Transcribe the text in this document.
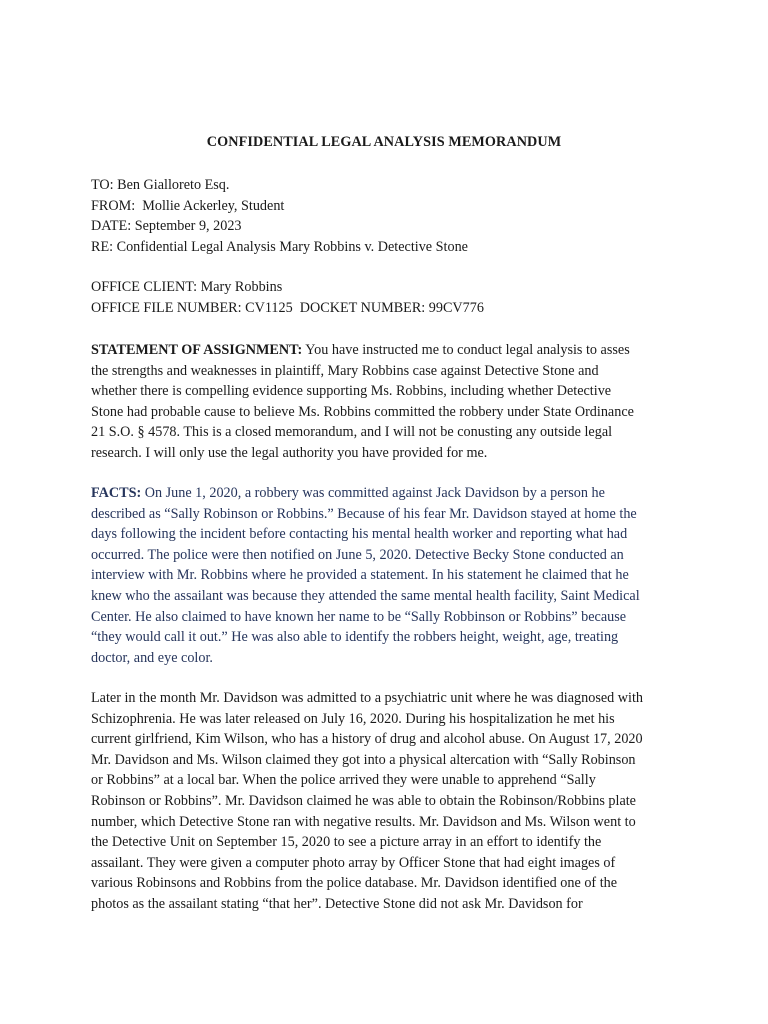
CONFIDENTIAL LEGAL ANALYSIS MEMORANDUM
TO: Ben Gialloreto Esq.
FROM:  Mollie Ackerley, Student
DATE: September 9, 2023
RE: Confidential Legal Analysis Mary Robbins v. Detective Stone
OFFICE CLIENT: Mary Robbins
OFFICE FILE NUMBER: CV1125  DOCKET NUMBER: 99CV776
STATEMENT OF ASSIGNMENT: You have instructed me to conduct legal analysis to asses
the strengths and weaknesses in plaintiff, Mary Robbins case against Detective Stone and
whether there is compelling evidence supporting Ms. Robbins, including whether Detective
Stone had probable cause to believe Ms. Robbins committed the robbery under State Ordinance
21 S.O. § 4578. This is a closed memorandum, and I will not be conusting any outside legal
research. I will only use the legal authority you have provided for me.
FACTS: On June 1, 2020, a robbery was committed against Jack Davidson by a person he
described as “Sally Robinson or Robbins.” Because of his fear Mr. Davidson stayed at home the
days following the incident before contacting his mental health worker and reporting what had
occurred. The police were then notified on June 5, 2020. Detective Becky Stone conducted an
interview with Mr. Robbins where he provided a statement. In his statement he claimed that he
knew who the assailant was because they attended the same mental health facility, Saint Medical
Center. He also claimed to have known her name to be “Sally Robbinson or Robbins” because
“they would call it out.” He was also able to identify the robbers height, weight, age, treating
doctor, and eye color.
Later in the month Mr. Davidson was admitted to a psychiatric unit where he was diagnosed with
Schizophrenia. He was later released on July 16, 2020. During his hospitalization he met his
current girlfriend, Kim Wilson, who has a history of drug and alcohol abuse. On August 17, 2020
Mr. Davidson and Ms. Wilson claimed they got into a physical altercation with “Sally Robinson
or Robbins” at a local bar. When the police arrived they were unable to apprehend “Sally
Robinson or Robbins”. Mr. Davidson claimed he was able to obtain the Robinson/Robbins plate
number, which Detective Stone ran with negative results. Mr. Davidson and Ms. Wilson went to
the Detective Unit on September 15, 2020 to see a picture array in an effort to identify the
assailant. They were given a computer photo array by Officer Stone that had eight images of
various Robinsons and Robbins from the police database. Mr. Davidson identified one of the
photos as the assailant stating “that her”. Detective Stone did not ask Mr. Davidson for
